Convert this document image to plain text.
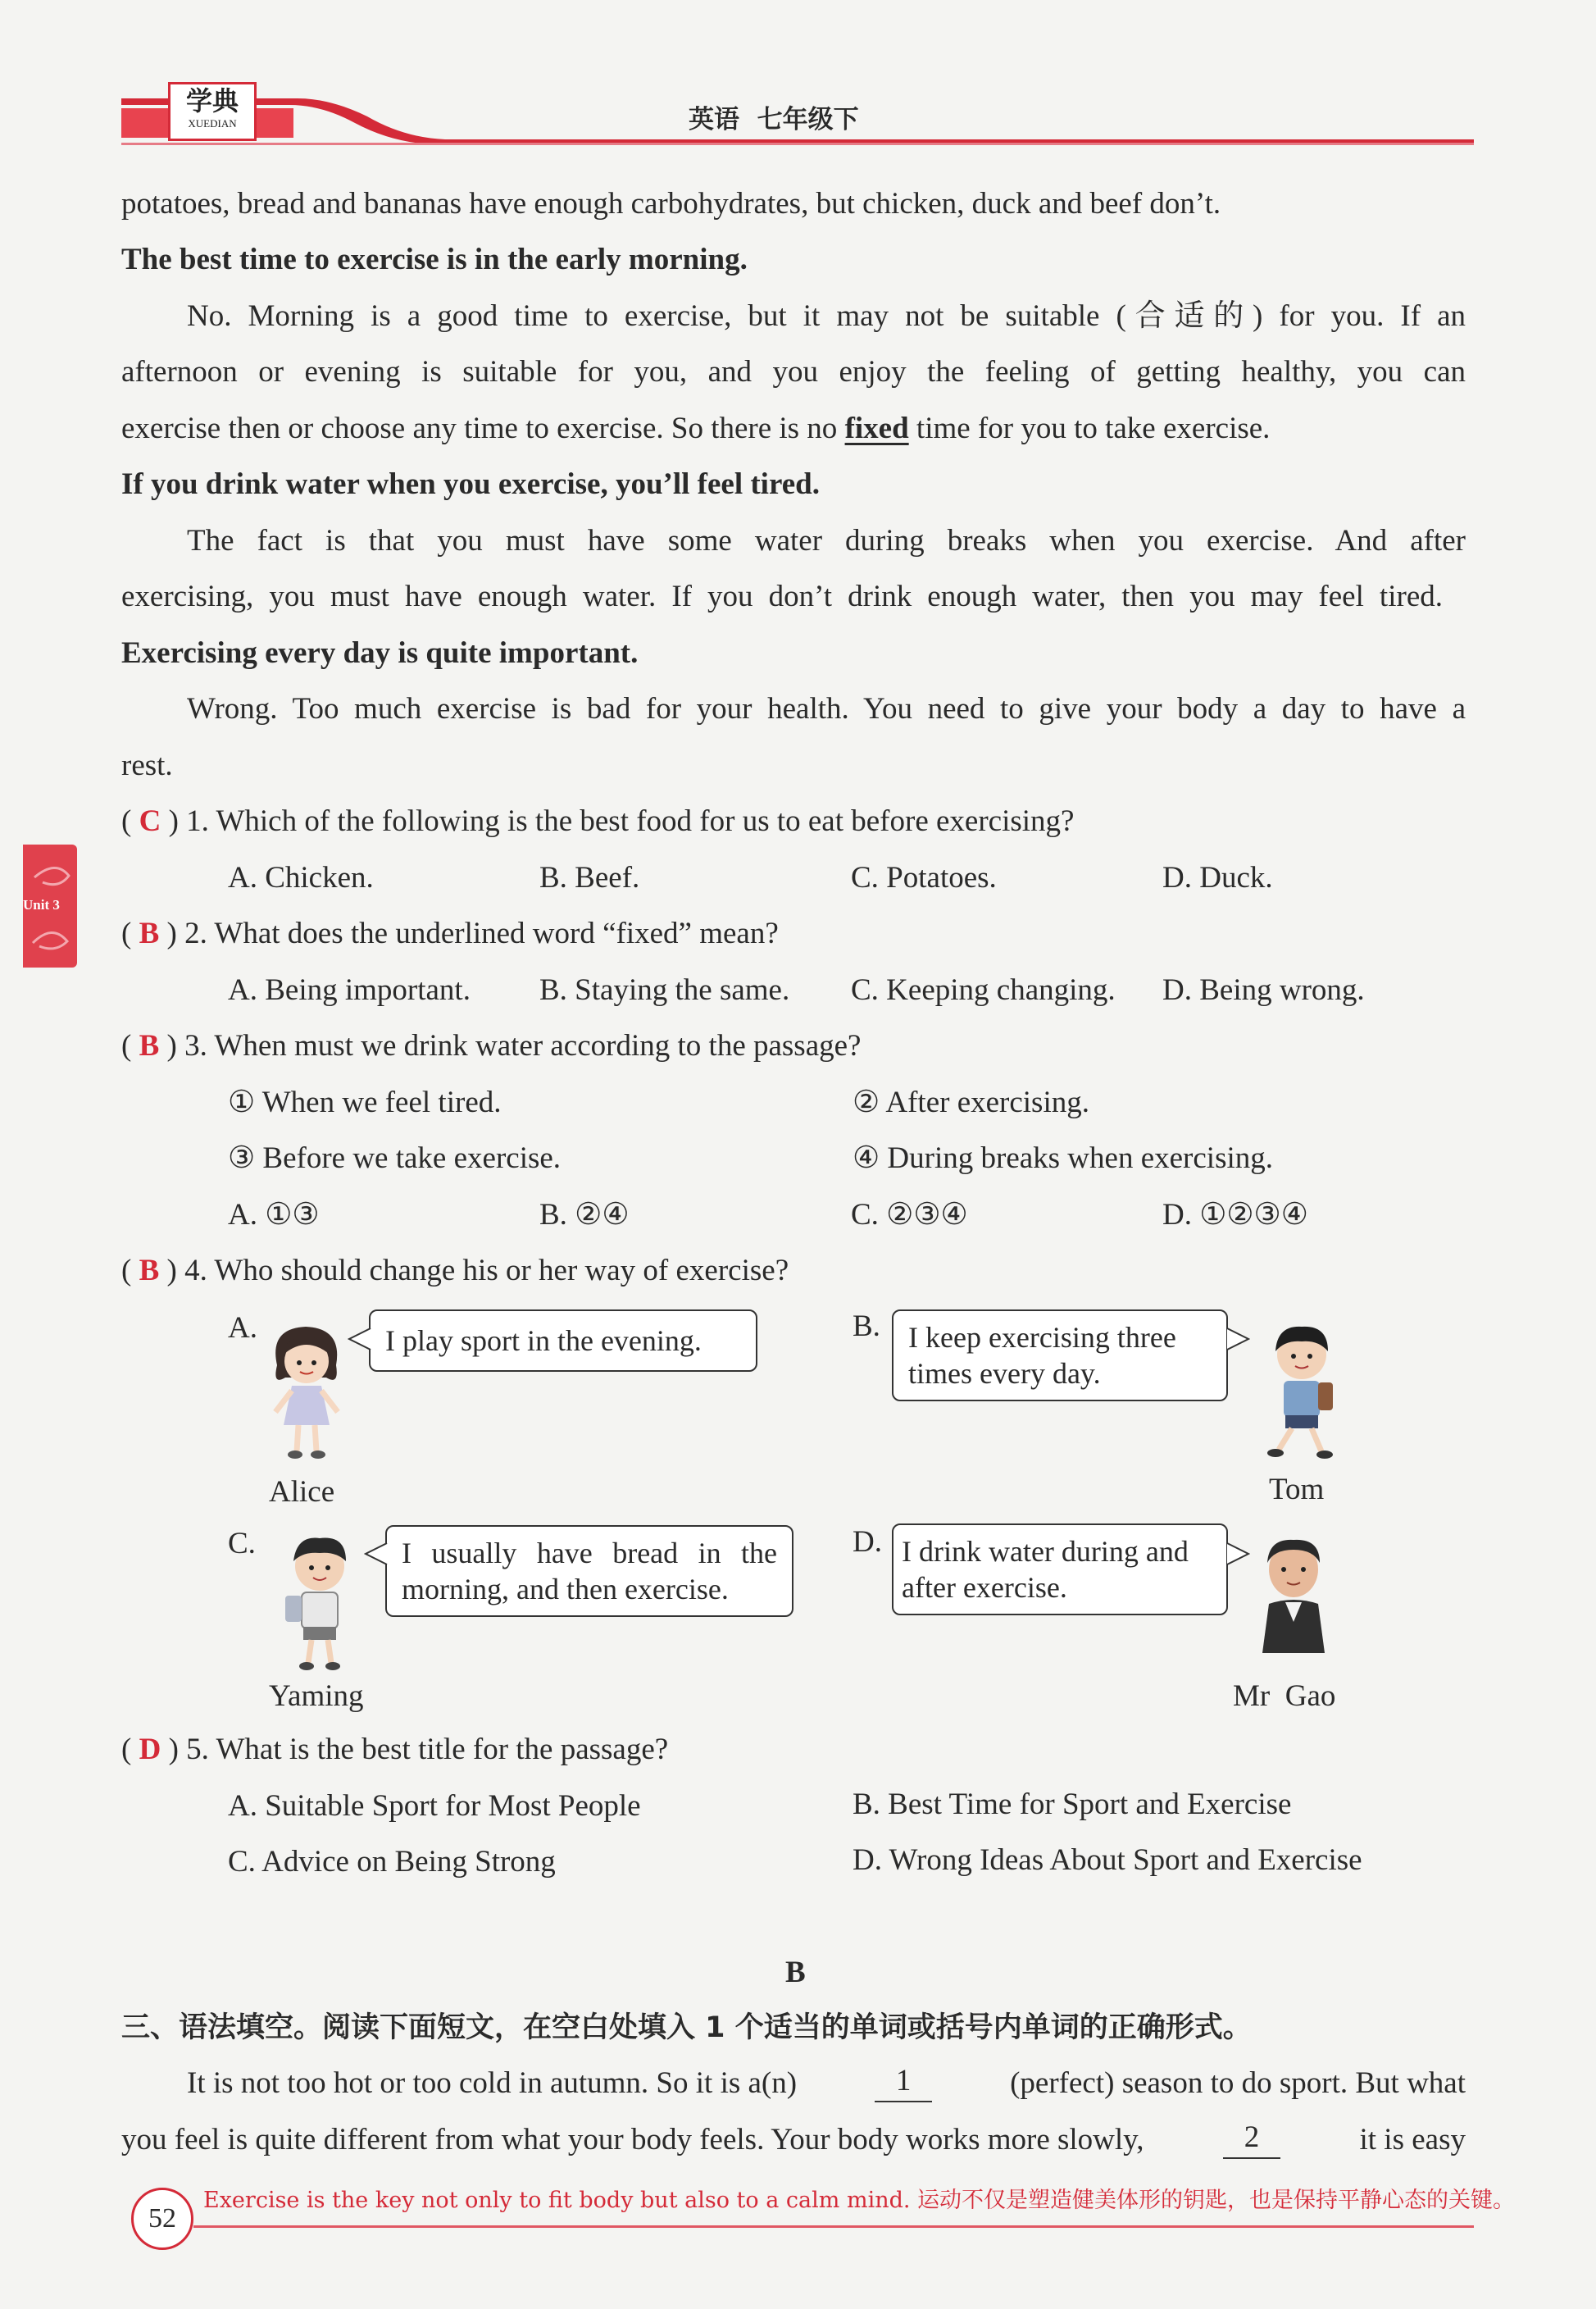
学典
XUEDIAN	英语  七年级下
Unit 3
potatoes, bread and bananas have enough carbohydrates, but chicken, duck and beef don’t.
The best time to exercise is in the early morning.
No. Morning is a good time to exercise, but it may not be suitable (合适的) for you. If an
afternoon or evening is suitable for you, and you enjoy the feeling of getting healthy, you can
exercise then or choose any time to exercise. So there is no fixed time for you to take exercise.
If you drink water when you exercise, you’ll feel tired.
The fact is that you must have some water during breaks when you exercise. And after
exercising, you must have enough water. If you don’t drink enough water, then you may feel tired.
Exercising every day is quite important.
Wrong. Too much exercise is bad for your health. You need to give your body a day to have a
rest.
( C ) 1. Which of the following is the best food for us to eat before exercising?
A. Chicken.	B. Beef.	C. Potatoes.	D. Duck.
( B ) 2. What does the underlined word “fixed” mean?
A. Being important. B. Staying the same. C. Keeping changing. D. Being wrong.
( B ) 3. When must we drink water according to the passage?
① When we feel tired.	② After exercising.
③ Before we take exercise.	④ During breaks when exercising.
A. ①③	B. ②④	C. ②③④	D. ①②③④
( B ) 4. Who should change his or her way of exercise?
A.	I play sport in the evening.
Alice
B. I keep exercising three
times every day.
Tom
C.	I usually have bread in the
morning, and then exercise.
Yaming
D. I drink water during and
after exercise.
Mr  Gao
( D ) 5. What is the best title for the passage?
A. Suitable Sport for Most People	B. Best Time for Sport and Exercise
C. Advice on Being Strong	D. Wrong Ideas About Sport and Exercise
B
三、语法填空。阅读下面短文，在空白处填入 1 个适当的单词或括号内单词的正确形式。
It is not too hot or too cold in autumn. So it is a(n)	1	(perfect) season to do sport. But what
you feel is quite different from what your body feels. Your body works more slowly,	2	it is easy
52
Exercise is the key not only to fit body but also to a calm mind. 运动不仅是塑造健美体形的钥匙，也是保持平静心态的关键。
